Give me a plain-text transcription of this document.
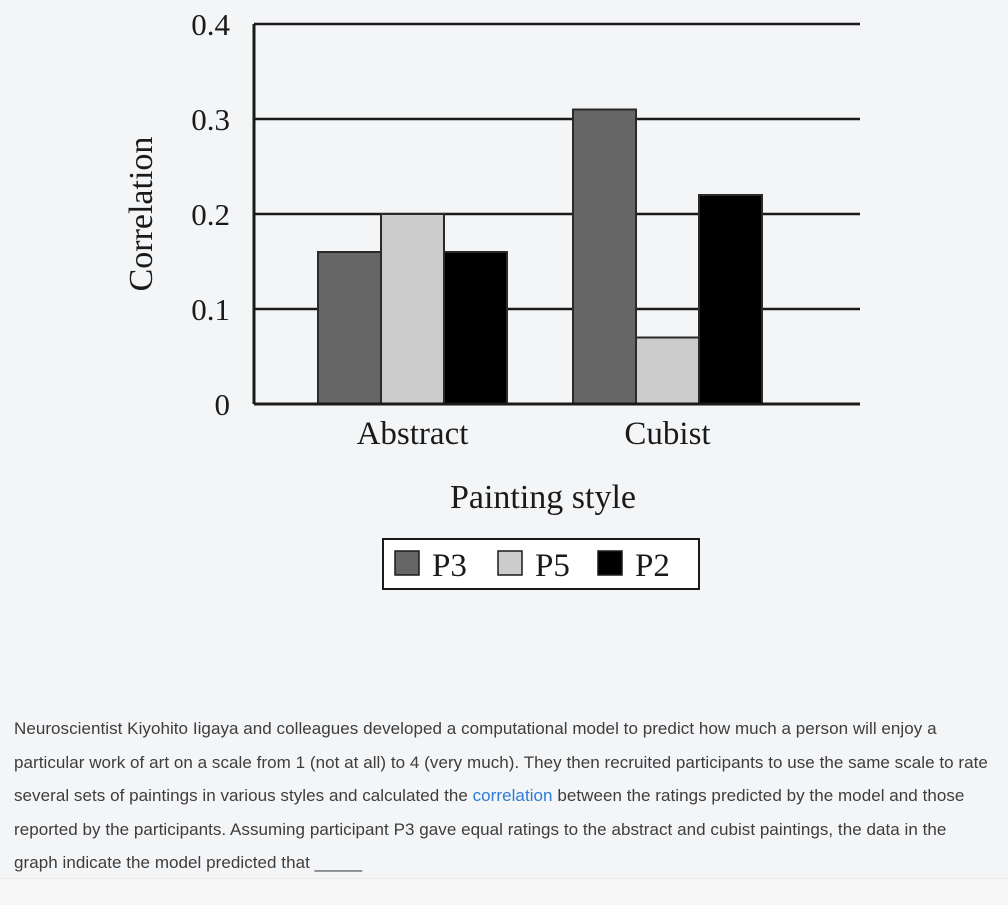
0
0.1
0.2
0.3
0.4
Abstract	Cubist
Painting style
Correlation
P3 P5 P2
Neuroscientist Kiyohito Iigaya and colleagues developed a computational model to predict how much a person will enjoy a particular work of art on a scale from 1 (not at all) to 4 (very much). They then recruited participants to use the same scale to rate several sets of paintings in various styles and calculated the correlation between the ratings predicted by the model and those reported by the participants. Assuming participant P3 gave equal ratings to the abstract and cubist paintings, the data in the graph indicate the model predicted that _____
